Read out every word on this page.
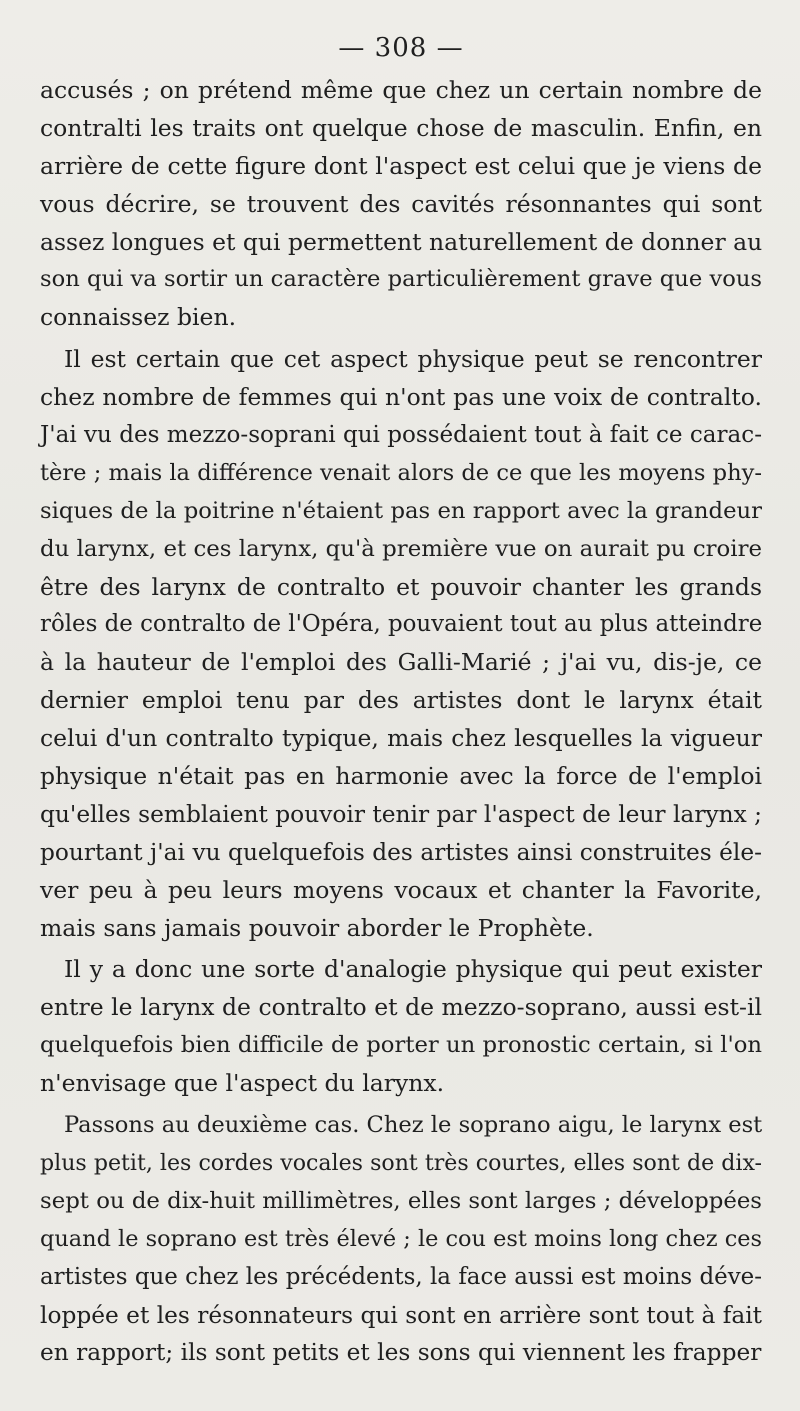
— 308 —
accusés ; on prétend même que chez un certain nombre de
contralti les traits ont quelque chose de masculin. Enfin, en
arrière de cette figure dont l'aspect est celui que je viens de
vous décrire, se trouvent des cavités résonnantes qui sont
assez longues et qui permettent naturellement de donner au
son qui va sortir un caractère particulièrement grave que vous
connaissez bien.
Il est certain que cet aspect physique peut se rencontrer
chez nombre de femmes qui n'ont pas une voix de contralto.
J'ai vu des mezzo-soprani qui possédaient tout à fait ce carac-
tère ; mais la différence venait alors de ce que les moyens phy-
siques de la poitrine n'étaient pas en rapport avec la grandeur
du larynx, et ces larynx, qu'à première vue on aurait pu croire
être des larynx de contralto et pouvoir chanter les grands
rôles de contralto de l'Opéra, pouvaient tout au plus atteindre
à la hauteur de l'emploi des Galli-Marié ; j'ai vu, dis-je, ce
dernier emploi tenu par des artistes dont le larynx était
celui d'un contralto typique, mais chez lesquelles la vigueur
physique n'était pas en harmonie avec la force de l'emploi
qu'elles semblaient pouvoir tenir par l'aspect de leur larynx ;
pourtant j'ai vu quelquefois des artistes ainsi construites éle-
ver peu à peu leurs moyens vocaux et chanter la Favorite,
mais sans jamais pouvoir aborder le Prophète.
Il y a donc une sorte d'analogie physique qui peut exister
entre le larynx de contralto et de mezzo-soprano, aussi est-il
quelquefois bien difficile de porter un pronostic certain, si l'on
n'envisage que l'aspect du larynx.
Passons au deuxième cas. Chez le soprano aigu, le larynx est
plus petit, les cordes vocales sont très courtes, elles sont de dix-
sept ou de dix-huit millimètres, elles sont larges ; développées
quand le soprano est très élevé ; le cou est moins long chez ces
artistes que chez les précédents, la face aussi est moins déve-
loppée et les résonnateurs qui sont en arrière sont tout à fait
en rapport; ils sont petits et les sons qui viennent les frapper
